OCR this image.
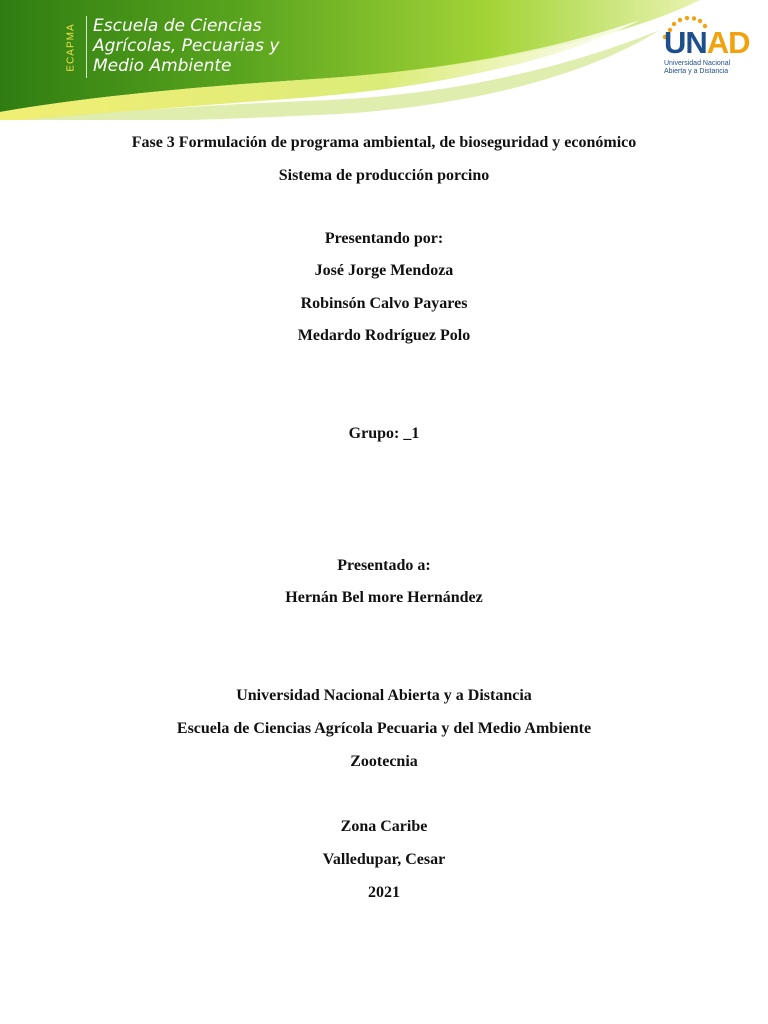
ECAPMA Escuela de Ciencias
Agrícolas, Pecuarias y
Medio Ambiente
UNAD
Universidad Nacional
Abierta y a Distancia
Fase 3 Formulación de programa ambiental, de bioseguridad y económico
Sistema de producción porcino
Presentando por:
José Jorge Mendoza
Robinsón Calvo Payares
Medardo Rodríguez Polo
Grupo: _1
Presentado a:
Hernán Bel more Hernández
Universidad Nacional Abierta y a Distancia
Escuela de Ciencias Agrícola Pecuaria y del Medio Ambiente
Zootecnia
Zona Caribe
Valledupar, Cesar
2021
